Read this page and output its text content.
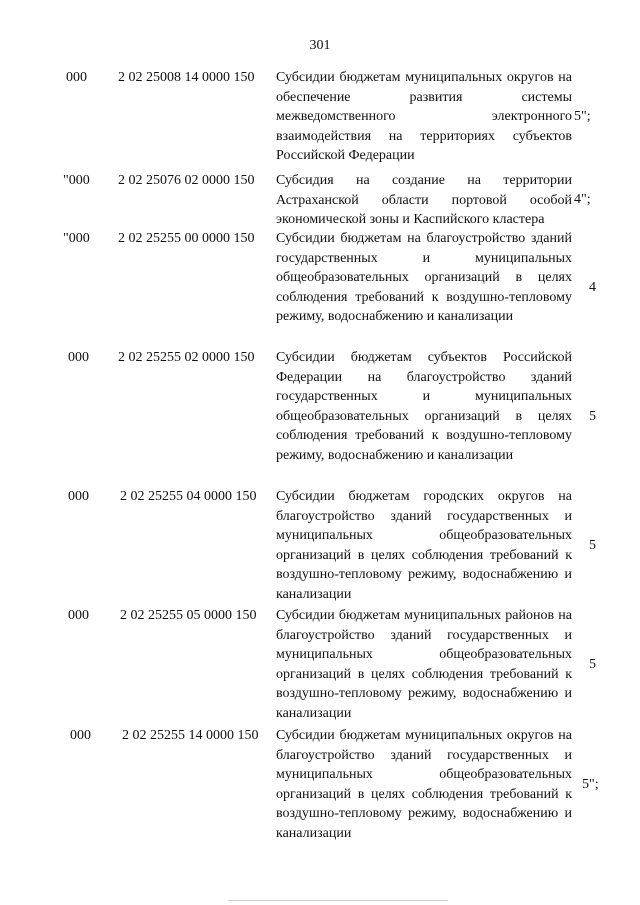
301
000 2 02 25008 14 0000 150 Субсидии бюджетам муниципальных округов на обеспечение развития системы межведомственного электронного взаимодействия на территориях субъектов Российской Федерации
5";
"000 2 02 25076 02 0000 150 Субсидия на создание на территории Астраханской области портовой особой экономической зоны и Каспийского кластера
4";
"000 2 02 25255 00 0000 150 Субсидии бюджетам на благоустройство зданий государственных и муниципальных общеобразовательных организаций в целях соблюдения требований к воздушно-тепловому режиму, водоснабжению и канализации
4
000 2 02 25255 02 0000 150 Субсидии бюджетам субъектов Российской Федерации на благоустройство зданий государственных и муниципальных общеобразовательных организаций в целях соблюдения требований к воздушно-тепловому режиму, водоснабжению и канализации
5
000 2 02 25255 04 0000 150 Субсидии бюджетам городских округов на благоустройство зданий государственных и муниципальных общеобразовательных организаций в целях соблюдения требований к воздушно-тепловому режиму, водоснабжению и канализации
5
000 2 02 25255 05 0000 150 Субсидии бюджетам муниципальных районов на благоустройство зданий государственных и муниципальных общеобразовательных организаций в целях соблюдения требований к воздушно-тепловому режиму, водоснабжению и канализации
5
000 2 02 25255 14 0000 150 Субсидии бюджетам муниципальных округов на благоустройство зданий государственных и муниципальных общеобразовательных организаций в целях соблюдения требований к воздушно-тепловому режиму, водоснабжению и канализации
5";
